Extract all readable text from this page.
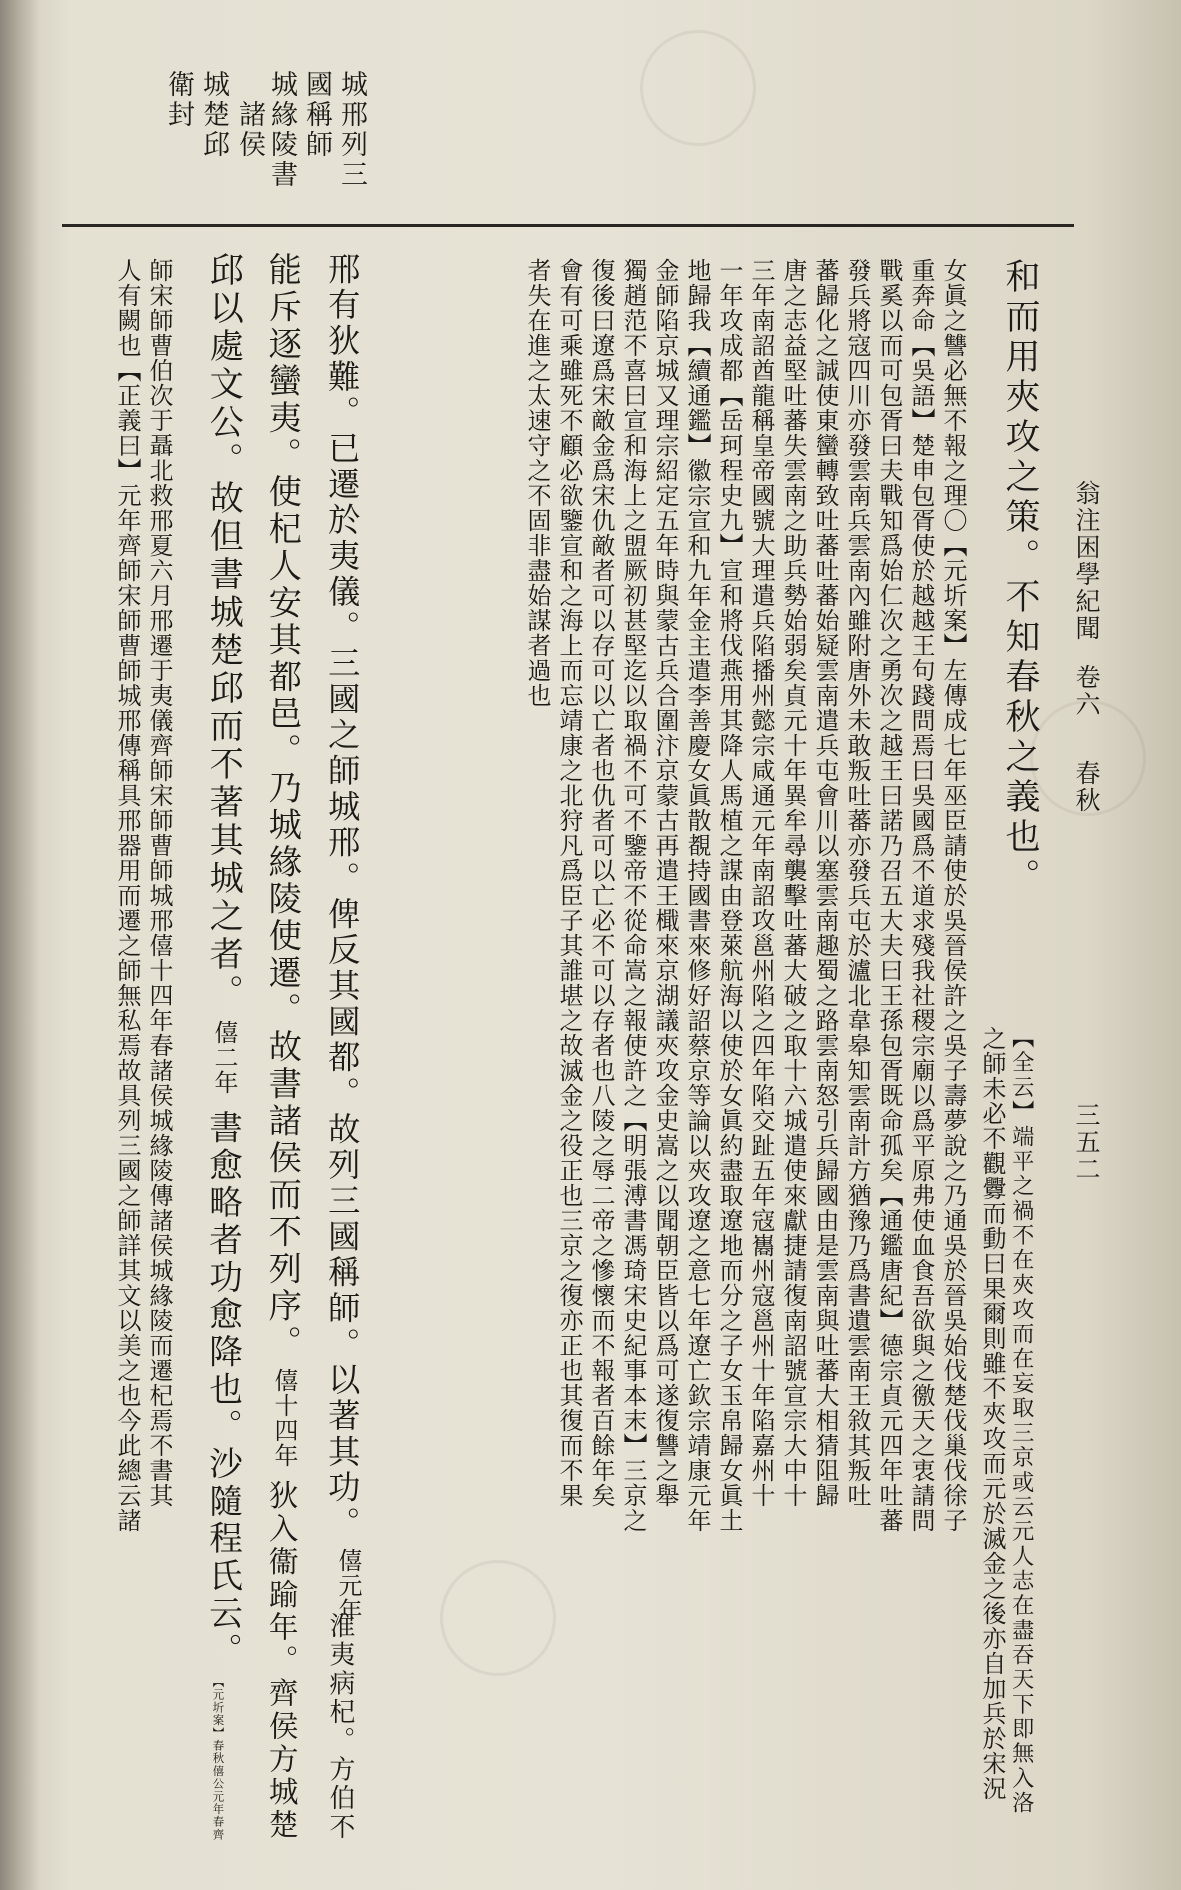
翁注困學紀聞
卷六
春秋
三五二
城邢列三
國稱師
城緣陵書
諸侯
城楚邱
衛封
和而用夾攻之策。不知春秋之義也。
【全云】端平之禍不在夾攻而在妄取三京或云元人志在盡吞天下即無入洛
之師未必不觀釁而動曰果爾則雖不夾攻而元於滅金之後亦自加兵於宋況
女眞之讐必無不報之理〇【元圻案】左傳成七年巫臣請使於吳晉侯許之吳子壽夢說之乃通吳於晉吳始伐楚伐巢伐徐子
重奔命【吳語】楚申包胥使於越越王句踐問焉曰吳國爲不道求殘我社稷宗廟以爲平原弗使血食吾欲與之徼天之衷請問
戰奚以而可包胥曰夫戰知爲始仁次之勇次之越王曰諾乃召五大夫曰王孫包胥既命孤矣【通鑑唐紀】德宗貞元四年吐蕃
發兵將寇四川亦發雲南兵雲南內雖附唐外未敢叛吐蕃亦發兵屯於瀘北韋皋知雲南計方猶豫乃爲書遺雲南王敘其叛吐
蕃歸化之誠使東蠻轉致吐蕃吐蕃始疑雲南遣兵屯會川以塞雲南趣蜀之路雲南怒引兵歸國由是雲南與吐蕃大相猜阻歸
唐之志益堅吐蕃失雲南之助兵勢始弱矣貞元十年異牟尋襲擊吐蕃大破之取十六城遣使來獻捷請復南詔號宣宗大中十
三年南詔酋龍稱皇帝國號大理遣兵陷播州懿宗咸通元年南詔攻邕州陷之四年陷交趾五年寇巂州寇邕州十年陷嘉州十
一年攻成都【岳珂程史九】宣和將伐燕用其降人馬植之謀由登萊航海以使於女眞約盡取遼地而分之子女玉帛歸女眞土
地歸我【續通鑑】徽宗宣和九年金主遣李善慶女眞散覩持國書來修好詔蔡京等論以夾攻遼之意七年遼亡欽宗靖康元年
金師陷京城又理宗紹定五年時與蒙古兵合圍汴京蒙古再遣王檝來京湖議夾攻金史嵩之以聞朝臣皆以爲可遂復讐之舉
獨趙范不喜曰宣和海上之盟厥初甚堅迄以取禍不可不鑒帝不從命嵩之報使許之【明張溥書馮琦宋史紀事本末】三京之
復後曰遼爲宋敵金爲宋仇敵者可以存可以亡者也仇者可以亡必不可以存者也八陵之辱二帝之慘懷而不報者百餘年矣
會有可乘雖死不顧必欲鑒宣和之海上而忘靖康之北狩凡爲臣子其誰堪之故滅金之役正也三京之復亦正也其復而不果
者失在進之太速守之不固非盡始謀者過也
邢有狄難。已遷於夷儀。三國之師城邢。俾反其國都。故列三國稱師。以著其功。
僖元年
淮夷病杞。方伯不
能斥逐蠻夷。使杞人安其都邑。乃城緣陵使遷。故書諸侯而不列序。
僖十四年
狄入衞踰年。齊侯方城楚
邱以處文公。故但書城楚邱而不著其城之者。
僖二年
書愈略者功愈降也。沙隨程氏云。
【元圻案】春秋僖公元年春齊
師宋師曹伯次于聶北救邢夏六月邢遷于夷儀齊師宋師曹師城邢僖十四年春諸侯城緣陵傳諸侯城緣陵而遷杞焉不書其
人有闕也【正義曰】元年齊師宋師曹師城邢傳稱具邢器用而遷之師無私焉故具列三國之師詳其文以美之也今此總云諸
